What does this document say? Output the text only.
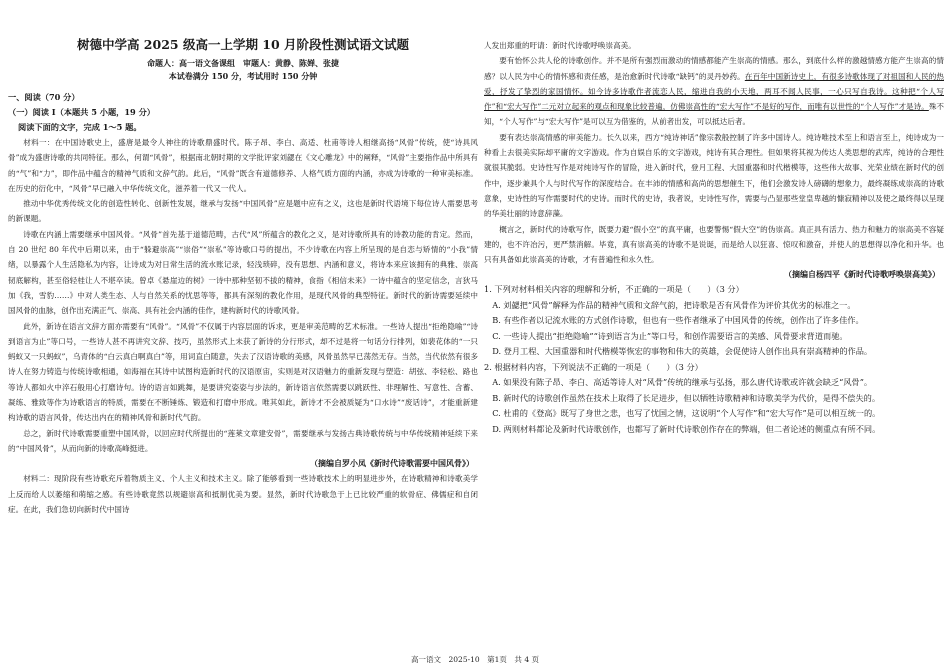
树德中学高 2025 级高一上学期 10 月阶段性测试语文试题

命题人：高一语文备课组　审题人：黄静、陈婵、张捷

本试卷满分 150 分，考试用时 150 分钟

一、阅读（70 分）

（一）阅读 I（本题共 5 小题，19 分）

阅读下面的文字，完成 1～5 题。

材料一：在中国诗歌史上，盛唐是最令人神往的诗歌鼎盛时代。陈子昂、李白、高适、杜甫等诗人相继高扬“风骨”传统，使“诗具风骨”成为盛唐诗歌的共同特征。那么，何谓“风骨”，根据南北朝时期的文学批评家刘勰在《文心雕龙》中的阐释，“风骨”主要指作品中所具有的“气”和“力”，即作品中蕴含的精神气质和文辞气韵。此后，“风骨”既含有道德修养、人格气质方面的内涵，亦成为诗歌的一种审美标准。在历史的衍化中，“风骨”早已融入中华传统文化，滋养着一代又一代人。

推动中华优秀传统文化的创造性转化、创新性发展，继承与发扬“中国风骨”应是题中应有之义，这也是新时代语境下每位诗人需要思考的新课题。

诗歌在内涵上需要继承中国风骨。“风骨”首先基于道德范畴，古代“风”所蕴含的教化之义，是对诗歌所具有的诗教功能的肯定。然而，自 20 世纪 80 年代中后期以来，由于“躲避崇高”“崇俗”“崇私”等诗歌口号的提出，不少诗歌在内容上所呈现的是自恋与矫情的“小我”情绪，以暴露个人生活隐私为内容，让诗成为对日常生活的流水账记录，轻浅琐碎，没有思想、内涵和意义，将诗本来应该拥有的典雅、崇高韧底解构，甚至俗轻桂让人不堪卒读。曾卓《悬崖边的树》一诗中那种坚韧不拔的精神，食指《相信未来》一诗中蕴含的坚定信念，言狄马加《我，雪豹……》中对人类生态、人与自然关系的忧思等等，都具有深刻的教化作用，是现代风骨的典型特征。新时代的新诗需要延续中国风骨的血脉，创作出充满正气、崇高、具有社会内涵的佳作，建构新时代的诗歌风骨。

此外，新诗在语言文辞方面亦需要有“风骨”。“风骨”不仅属于内容层面的诉求，更是审美范畴的艺术标准。一些诗人提出“拒绝隐喻”“诗到语言为止”等口号，一些诗人甚不再讲究文辞、技巧，虽然形式上未获了新诗的分行形式，却不过是将一句话分行排列，如裴花体的“一只蚂蚁又一只蚂蚁”，乌青体的“白云真白啊真白”等，用词直白随意，失去了汉语诗歌的美感，风骨虽然早已荡然无存。当然，当代依然有很多诗人在努力铸造与传统诗歌相通，如海福在其诗中试图构造新时代的汉语原宙，实则是对汉语魅力的重新发现与塑造：胡弦、李轻松、路也等诗人都如火中淬石般用心打磨诗句。诗的语言如跳舞，是要讲究姿姿与步法的，新诗语言依然需要以跳跃性、非理解性、写意性、含蓄、凝练、雅致等作为诗歌语言的特质，需要在不断锤炼、锻造和打磨中形成。唯其如此，新诗才不会被质疑为“口水诗”“废话诗”，才能重新建构诗歌的语言风骨，传达出内在的精神风骨和新时代气韵。

总之，新时代诗歌需要重塑中国风骨，以回应时代所提出的“莲莱文章建安骨”，需要继承与发扬古典诗歌传统与中华传统精神延续下来的“中国风骨”，从而向新的诗歌高峰挺进。

（摘编自罗小凤《新时代诗歌需要中国风骨》）

材料二：现阶段有些诗歌充斥着物质主义、个人主义和技术主义。除了能够看到一些诗歌技术上的明显进步外，在诗歌精神和诗歌美学上反而给人以萎缩和萌缩之感。有些诗歌竟然以规避崇高和抵制优美为要。显然，新时代诗歌急于上已比较严重的软骨症、佛儒症和自闭症。在此，我们急切向新时代中国诗

人发出郑重的吁请：新时代诗歌呼唤崇高美。

要有怡怀公共人伦的诗歌创作。并不是所有强烈而激动的情感都能产生崇高的情感。那么，到底什么样的激越情感方能产生崇高的情感？以人民为中心的情怀感和责任感，是治愈新时代诗歌“缺钙”的灵丹妙药。在百年中国新诗史上，有很多诗歌体现了对祖国和人民的热爱，抒发了挚烈的家国情怀。如今诗多诗歌作者流恋人民，缩进自我的小天地，两耳不闻人民事，一心只写自我诗。这种把“个人写作”和“宏大写作”二元对立起来的观点和现象比较普遍，仿佛崇高性的“宏大写作”不是好的写作，而唯有以世性的“个人写作”才是诗。殊不知，“个人写作”与“宏大写作”是可以互为借鉴的，从前者出发，可以抵达后者。

要有表达崇高情感的审美能力。长久以来，西方“纯诗神话”像宗教般控制了许多中国诗人。纯诗唯技术至上和语言至上，纯诗成为一种看上去很美实际却平庸的文字游戏。作为自娱自乐的文字游戏，纯诗有其合理性。但如果将其视为传达人类思想的武库，纯诗的合理性就很其脆弱。史诗性写作是对纯诗写作的冒险，进入新时代，登月工程、大国重器和时代楷模等，这些伟大故事、光荣业绩在新时代的创作中，逐步兼具个人与时代写作的深度结合。在丰沛的情感和高尚的思想催生下，他们会激发诗人磅礴的想象力，最终凝练成崇高的诗歌意象，史诗性的写作需要时代的史诗。而时代的史诗，我者说，史诗性写作，需要与凸显那些堂皇卑越的慷寂精神以及使之最终得以呈现的华美壮丽的诗意辞藻。

概言之，新时代的诗歌写作，既要力避“假小空”的真平庸，也要警惕“假大空”的伪崇高。真正具有活力、热力和魅力的崇高美不容疑建的，也不许冶污，更严禁消解。毕竟，真有崇高美的诗歌不是说诞，而是给人以狂喜、惊叹和激奋，并使人的思想得以净化和升华。也只有具备如此崇高美的诗歌，才有普遍性和永久性。

（摘编自杨四平《新时代诗歌呼唤崇高美》）

1. 下列对材料相关内容的理解和分析，不正确的一项是（　　）（3 分）

A. 刘勰把“风骨”解释为作品的精神气质和文辞气韵，把诗歌是否有风骨作为评价其优劣的标准之一。

B. 有些作者以记流水账的方式创作诗歌，但也有一些作者继承了中国风骨的传统，创作出了许多佳作。

C. 一些诗人提出“拒绝隐喻”“诗到语言为止”等口号，和创作需要语言的美感、风骨要求背道而驰。

D. 登月工程、大国重器和时代楷模等恢宏的事物和伟大的英雄，会促使诗人创作出具有崇高精神的作品。

2. 根据材料内容，下列说法不正确的一项是（　　）（3 分）

A. 如果没有陈子昂、李白、高适等诗人对“风骨”传统的继承与弘扬，那么唐代诗歌或许就会缺乏“风骨”。

B. 新时代的诗歌创作虽然在技术上取得了长足进步，但以牺牲诗歌精神和诗歌美学为代价，是得不偿失的。

C. 杜甫的《登高》既写了身世之悲，也写了忧国之情，这说明“个人写作”和“宏大写作”是可以相互统一的。

D. 两则材料都论及新时代诗歌创作，也都写了新时代诗歌创作存在的弊端，但二者论述的侧重点有所不同。

高一语文　2025-10　第1页　共 4 页
